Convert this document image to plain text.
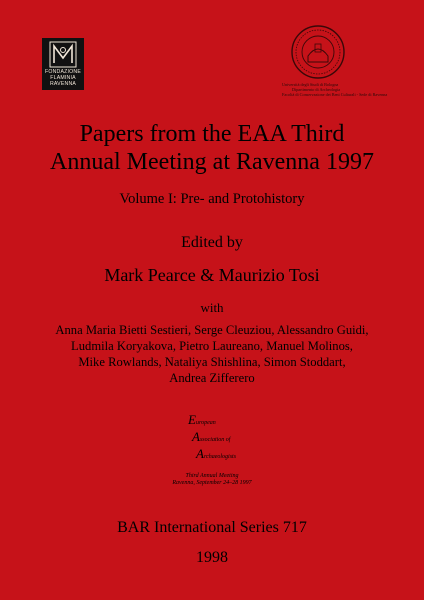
FONDAZIONE
FLAMINIA
RAVENNA	Università degli Studi di Bologna
Dipartimento di Archeologia
Facoltà di Conservazione dei Beni Culturali - Sede di Ravenna
Papers from the EAA Third
Annual Meeting at Ravenna 1997
Volume I: Pre- and Protohistory
Edited by
Mark Pearce & Maurizio Tosi
with
Anna Maria Bietti Sestieri, Serge Cleuziou, Alessandro Guidi,
Ludmila Koryakova, Pietro Laureano, Manuel Molinos,
Mike Rowlands, Nataliya Shishlina, Simon Stoddart,
Andrea Zifferero
European
Association of
Archaeologists
Third Annual Meeting
Ravenna, September 24–28 1997
BAR International Series 717
1998
